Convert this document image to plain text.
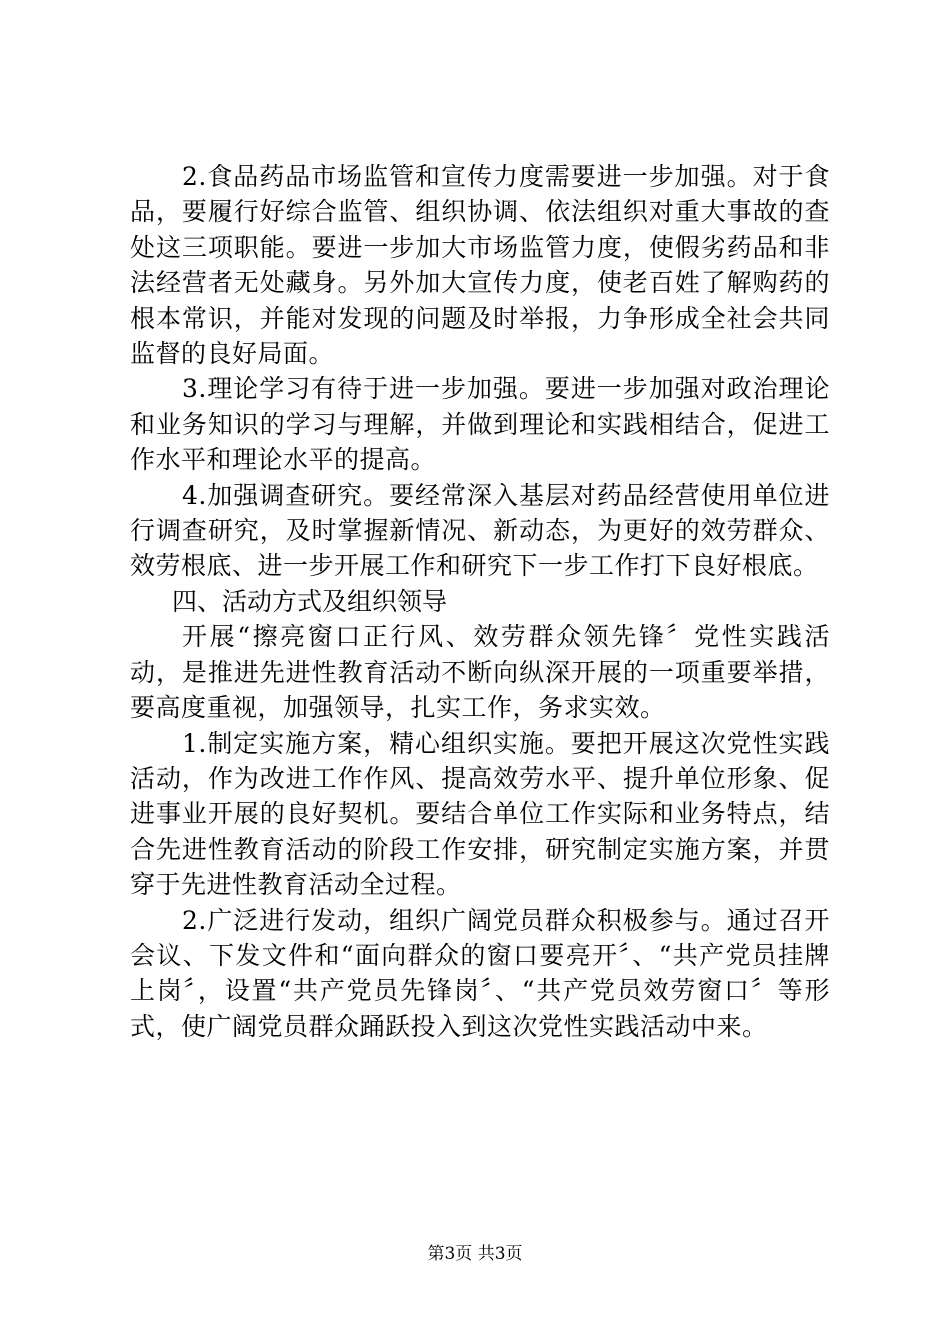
2.食品药品市场监管和宣传力度需要进一步加强。对于食品，要履行好综合监管、组织协调、依法组织对重大事故的查处这三项职能。要进一步加大市场监管力度，使假劣药品和非法经营者无处藏身。另外加大宣传力度，使老百姓了解购药的根本常识，并能对发现的问题及时举报，力争形成全社会共同监督的良好局面。

3.理论学习有待于进一步加强。要进一步加强对政治理论和业务知识的学习与理解，并做到理论和实践相结合，促进工作水平和理论水平的提高。

4.加强调查研究。要经常深入基层对药品经营使用单位进行调查研究，及时掌握新情况、新动态，为更好的效劳群众、效劳根底、进一步开展工作和研究下一步工作打下良好根底。

四、活动方式及组织领导

开展“擦亮窗口正行风、效劳群众领先锋〞党性实践活动，是推进先进性教育活动不断向纵深开展的一项重要举措，要高度重视，加强领导，扎实工作，务求实效。

1.制定实施方案，精心组织实施。要把开展这次党性实践活动，作为改进工作作风、提高效劳水平、提升单位形象、促进事业开展的良好契机。要结合单位工作实际和业务特点，结合先进性教育活动的阶段工作安排，研究制定实施方案，并贯穿于先进性教育活动全过程。

2.广泛进行发动，组织广阔党员群众积极参与。通过召开会议、下发文件和“面向群众的窗口要亮开〞、“共产党员挂牌上岗〞，设置“共产党员先锋岗〞、“共产党员效劳窗口〞等形式，使广阔党员群众踊跃投入到这次党性实践活动中来。

第3页 共3页
